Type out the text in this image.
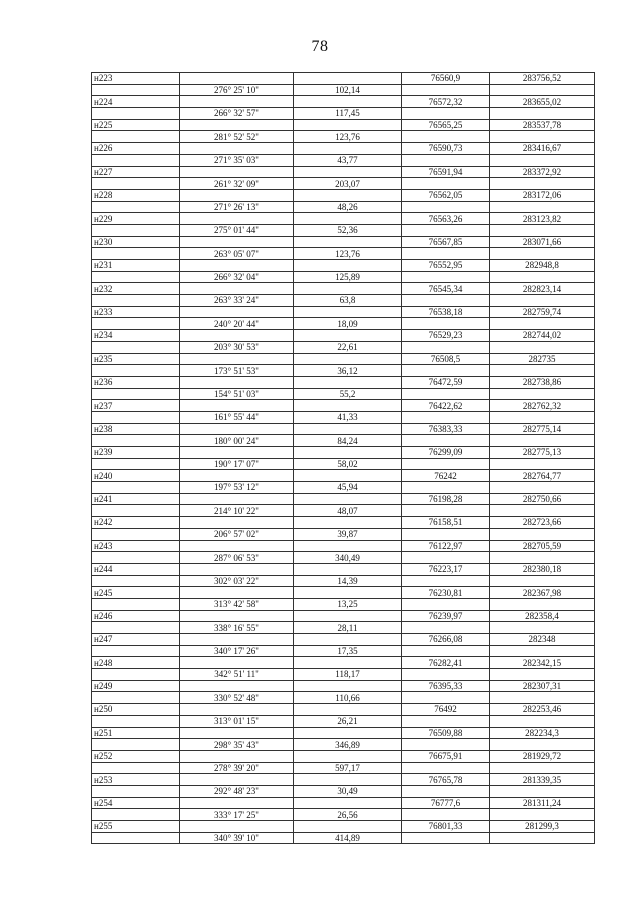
78
н223			76560,9	283756,52
	276° 25' 10"	102,14		
н224			76572,32	283655,02
	266° 32' 57"	117,45		
н225			76565,25	283537,78
	281° 52' 52"	123,76		
н226			76590,73	283416,67
	271° 35' 03"	43,77		
н227			76591,94	283372,92
	261° 32' 09"	203,07		
н228			76562,05	283172,06
	271° 26' 13"	48,26		
н229			76563,26	283123,82
	275° 01' 44"	52,36		
н230			76567,85	283071,66
	263° 05' 07"	123,76		
н231			76552,95	282948,8
	266° 32' 04"	125,89		
н232			76545,34	282823,14
	263° 33' 24"	63,8		
н233			76538,18	282759,74
	240° 20' 44"	18,09		
н234			76529,23	282744,02
	203° 30' 53"	22,61		
н235			76508,5	282735
	173° 51' 53"	36,12		
н236			76472,59	282738,86
	154° 51' 03"	55,2		
н237			76422,62	282762,32
	161° 55' 44"	41,33		
н238			76383,33	282775,14
	180° 00' 24"	84,24		
н239			76299,09	282775,13
	190° 17' 07"	58,02		
н240			76242	282764,77
	197° 53' 12"	45,94		
н241			76198,28	282750,66
	214° 10' 22"	48,07		
н242			76158,51	282723,66
	206° 57' 02"	39,87		
н243			76122,97	282705,59
	287° 06' 53"	340,49		
н244			76223,17	282380,18
	302° 03' 22"	14,39		
н245			76230,81	282367,98
	313° 42' 58"	13,25		
н246			76239,97	282358,4
	338° 16' 55"	28,11		
н247			76266,08	282348
	340° 17' 26"	17,35		
н248			76282,41	282342,15
	342° 51' 11"	118,17		
н249			76395,33	282307,31
	330° 52' 48"	110,66		
н250			76492	282253,46
	313° 01' 15"	26,21		
н251			76509,88	282234,3
	298° 35' 43"	346,89		
н252			76675,91	281929,72
	278° 39' 20"	597,17		
н253			76765,78	281339,35
	292° 48' 23"	30,49		
н254			76777,6	281311,24
	333° 17' 25"	26,56		
н255			76801,33	281299,3
	340° 39' 10"	414,89		
